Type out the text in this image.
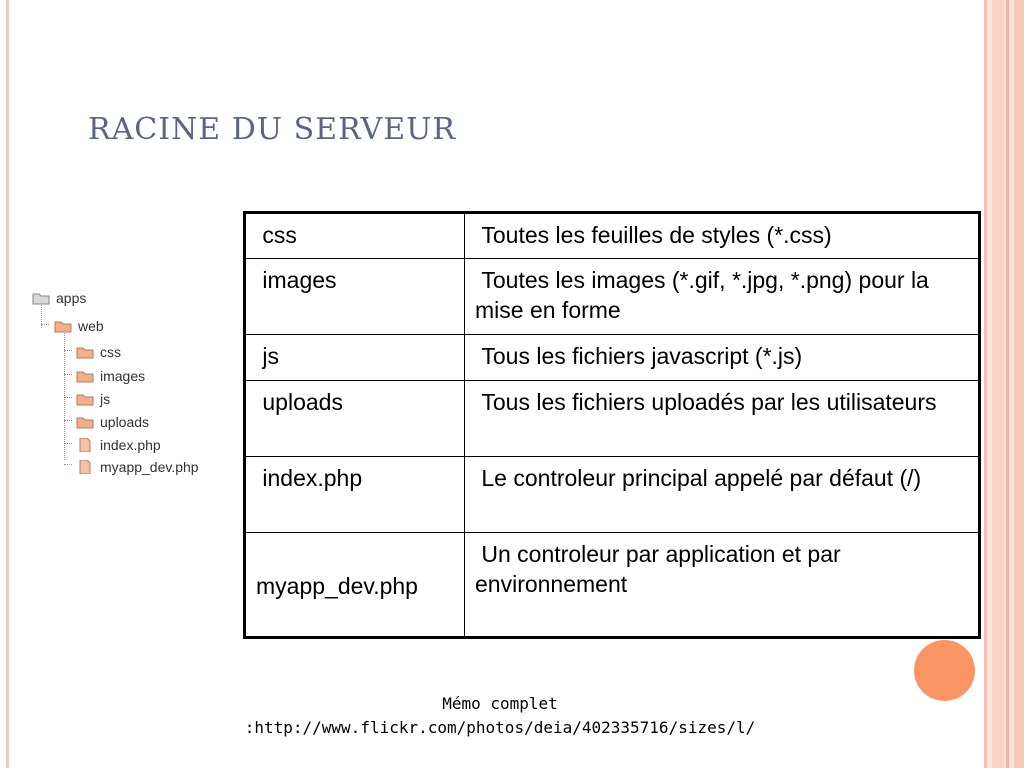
RACINE DU SERVEUR
apps
web
css
images
js
uploads
index.php
myapp_dev.php
css	Toutes les feuilles de styles (*.css)
images	Toutes les images (*.gif, *.jpg, *.png) pour la mise en forme
js	Tous les fichiers javascript (*.js)
uploads	Tous les fichiers uploadés par les utilisateurs
index.php	Le controleur principal appelé par défaut (/)
myapp_dev.php	Un controleur par application et par environnement
Mémo complet
:http://www.flickr.com/photos/deia/402335716/sizes/l/
